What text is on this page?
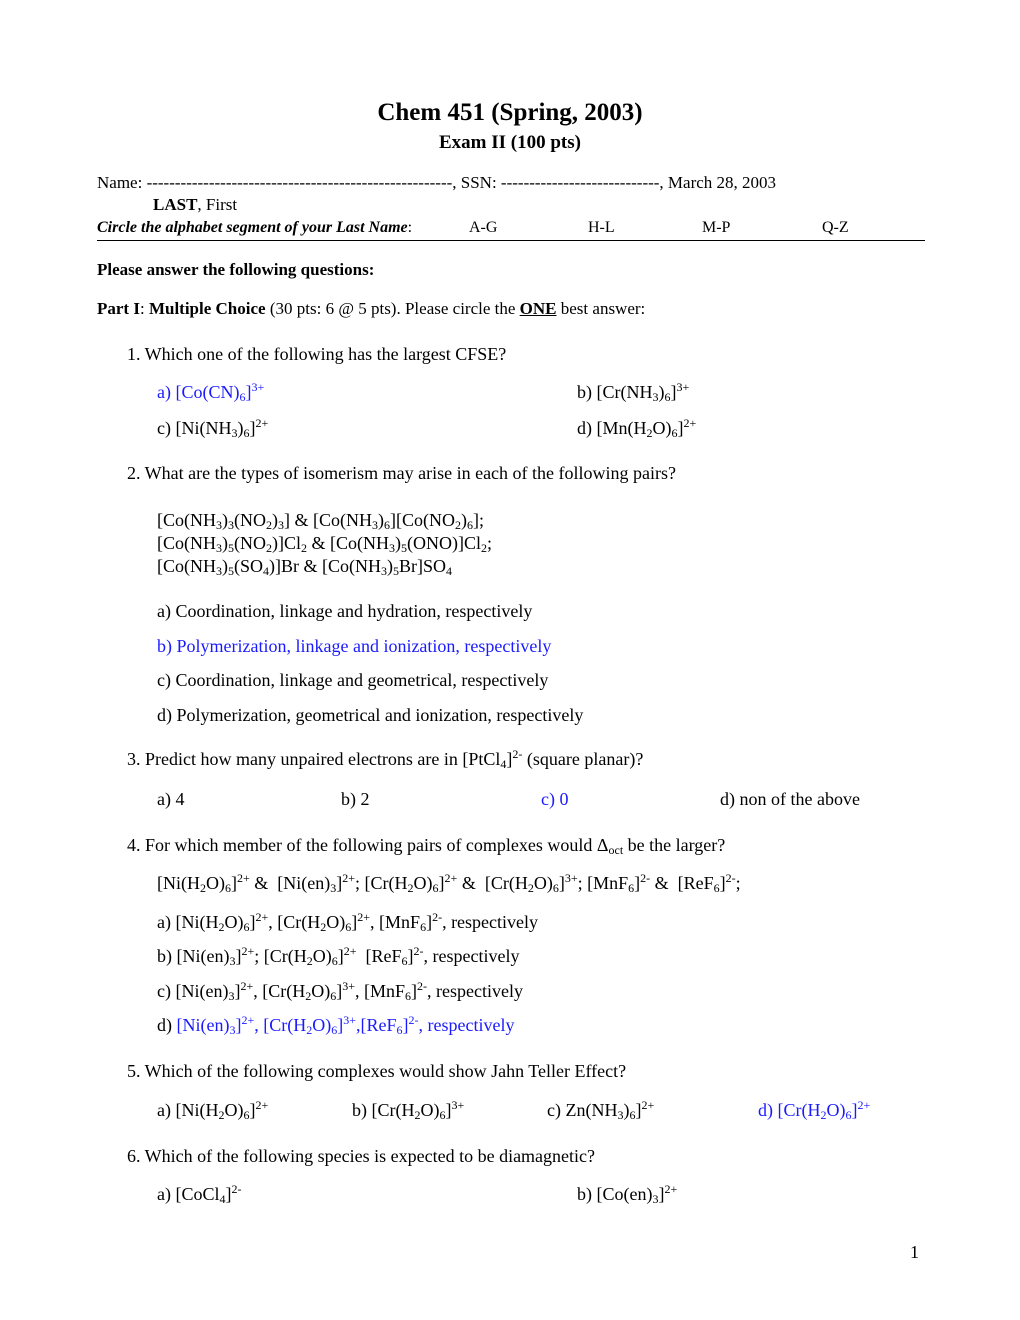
Chem 451 (Spring, 2003)
Exam II (100 pts)
Name: ------------------------------------------------------, SSN: ----------------------------, March 28, 2003
LAST, First
Circle the alphabet segment of your Last Name:	A-G	H-L	M-P	Q-Z
Please answer the following questions:
Part I: Multiple Choice (30 pts: 6 @ 5 pts). Please circle the ONE best answer:
1. Which one of the following has the largest CFSE?
a) $[Co(CN)_6]^{3+}$	b) $[Cr(NH_3)_6]^{3+}$
c) $[Ni(NH_3)_6]^{2+}$	d) $[Mn(H_2O)_6]^{2+}$
2. What are the types of isomerism may arise in each of the following pairs?
$[Co(NH_3)_3(NO_2)_3]$ & $[Co(NH_3)_6][Co(NO_2)_6]$;
$[Co(NH_3)_5(NO_2)]Cl_2$ & $[Co(NH_3)_5(ONO)]Cl_2$;
$[Co(NH_3)_5(SO_4)]Br$ & $[Co(NH_3)_5Br]SO_4$
a) Coordination, linkage and hydration, respectively
b) Polymerization, linkage and ionization, respectively
c) Coordination, linkage and geometrical, respectively
d) Polymerization, geometrical and ionization, respectively
3. Predict how many unpaired electrons are in [PtCl$_4$]$^{2-}$ (square planar)?
a) 4	b) 2	c) 0	d) non of the above
4. For which member of the following pairs of complexes would $\Delta_{oct}$ be the larger?
$[Ni(H_2O)_6]^{2+}$ &  $[Ni(en)_3]^{2+}$; $[Cr(H_2O)_6]^{2+}$ &  $[Cr(H_2O)_6]^{3+}$; $[MnF_6]^{2-}$ &  $[ReF_6]^{2-}$;
a) $[Ni(H_2O)_6]^{2+}$, $[Cr(H_2O)_6]^{2+}$, $[MnF_6]^{2-}$, respectively
b) $[Ni(en)_3]^{2+}$; $[Cr(H_2O)_6]^{2+}$  $[ReF_6]^{2-}$, respectively
c) $[Ni(en)_3]^{2+}$, $[Cr(H_2O)_6]^{3+}$, $[MnF_6]^{2-}$, respectively
d) $[Ni(en)_3]^{2+}$, $[Cr(H_2O)_6]^{3+},[ReF_6]^{2-}$, respectively
5. Which of the following complexes would show Jahn Teller Effect?
a) $[Ni(H_2O)_6]^{2+}$	b) $[Cr(H_2O)_6]^{3+}$	c) $Zn(NH_3)_6]^{2+}$	d) $[Cr(H_2O)_6]^{2+}$
6. Which of the following species is expected to be diamagnetic?
a) [CoCl$_4$]$^{2-}$	b) $[Co(en)_3]^{2+}$
1
